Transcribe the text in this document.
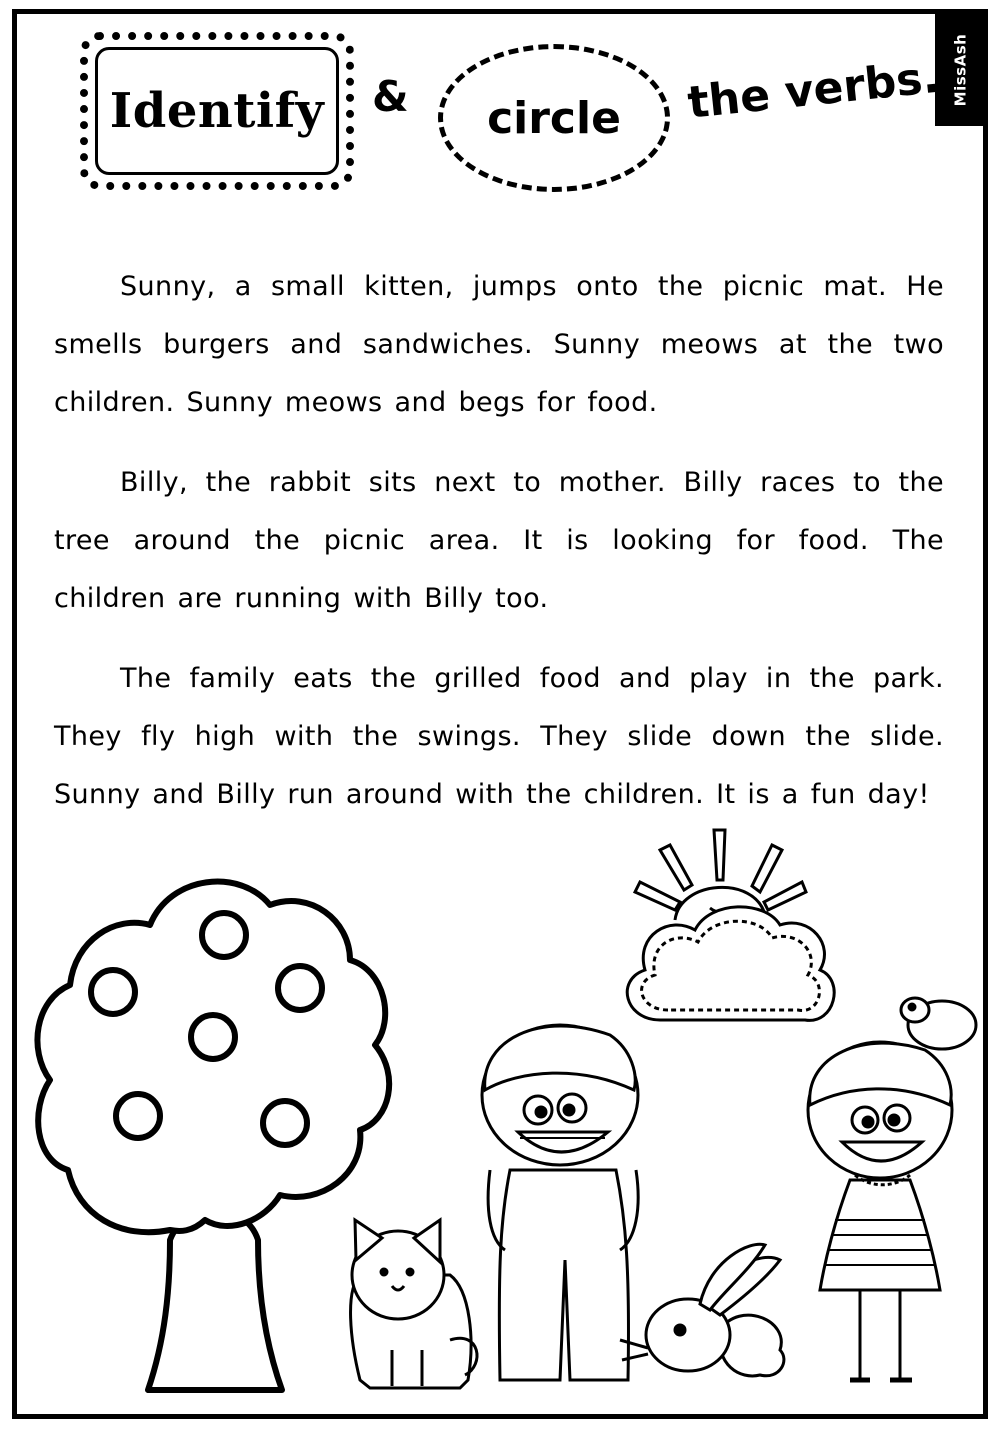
MissAsh
Identify & circle the verbs.

Sunny, a small kitten, jumps onto the picnic mat. He smells burgers and sandwiches. Sunny meows at the two children. Sunny meows and begs for food.

Billy, the rabbit sits next to mother. Billy races to the tree around the picnic area. It is looking for food. The children are running with Billy too.

The family eats the grilled food and play in the park. They fly high with the swings. They slide down the slide. Sunny and Billy run around with the children. It is a fun day!
